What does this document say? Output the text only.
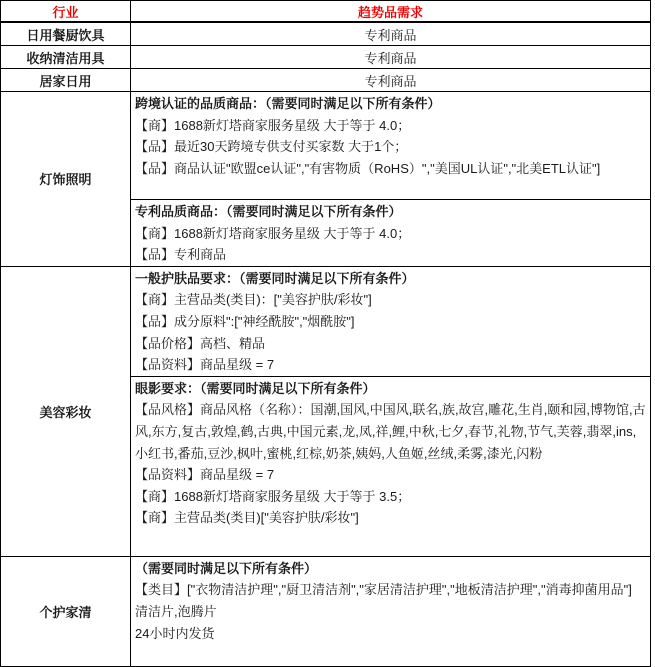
行业	趋势品需求
日用餐厨饮具	专利商品
收纳清洁用具	专利商品
居家日用	专利商品
灯饰照明	跨境认证的品质商品：（需要同时满足以下所有条件）
【商】1688新灯塔商家服务星级 大于等于 4.0；
【品】最近30天跨境专供支付买家数 大于1个；
【品】商品认证"欧盟ce认证","有害物质（RoHS）","美国UL认证","北美ETL认证"]

	专利品质商品：（需要同时满足以下所有条件）
【商】1688新灯塔商家服务星级 大于等于 4.0；
【品】专利商品

美容彩妆	一般护肤品要求：（需要同时满足以下所有条件）
【商】主营品类(类目)：["美容护肤/彩妆"]
【品】成分原料":["神经酰胺","烟酰胺"]
【品价格】高档、精品
【品资料】商品星级 = 7

	眼影要求：（需要同时满足以下所有条件）
【品风格】商品风格（名称）：国潮,国风,中国风,联名,族,故宫,雕花,生肖,颐和园,博物馆,古风,东方,复古,敦煌,鹤,古典,中国元素,龙,凤,祥,鲤,中秋,七夕,春节,礼物,节气,芙蓉,翡翠,ins,小红书,番茄,豆沙,枫叶,蜜桃,红棕,奶茶,姨妈,人鱼姬,丝绒,柔雾,漆光,闪粉
【品资料】商品星级 = 7
【商】1688新灯塔商家服务星级 大于等于 3.5；
【商】主营品类(类目)["美容护肤/彩妆"]

个护家清	（需要同时满足以下所有条件）
【类目】["衣物清洁护理","厨卫清洁剂","家居清洁护理","地板清洁护理","消毒抑菌用品"]
清洁片,泡腾片
24小时内发货
